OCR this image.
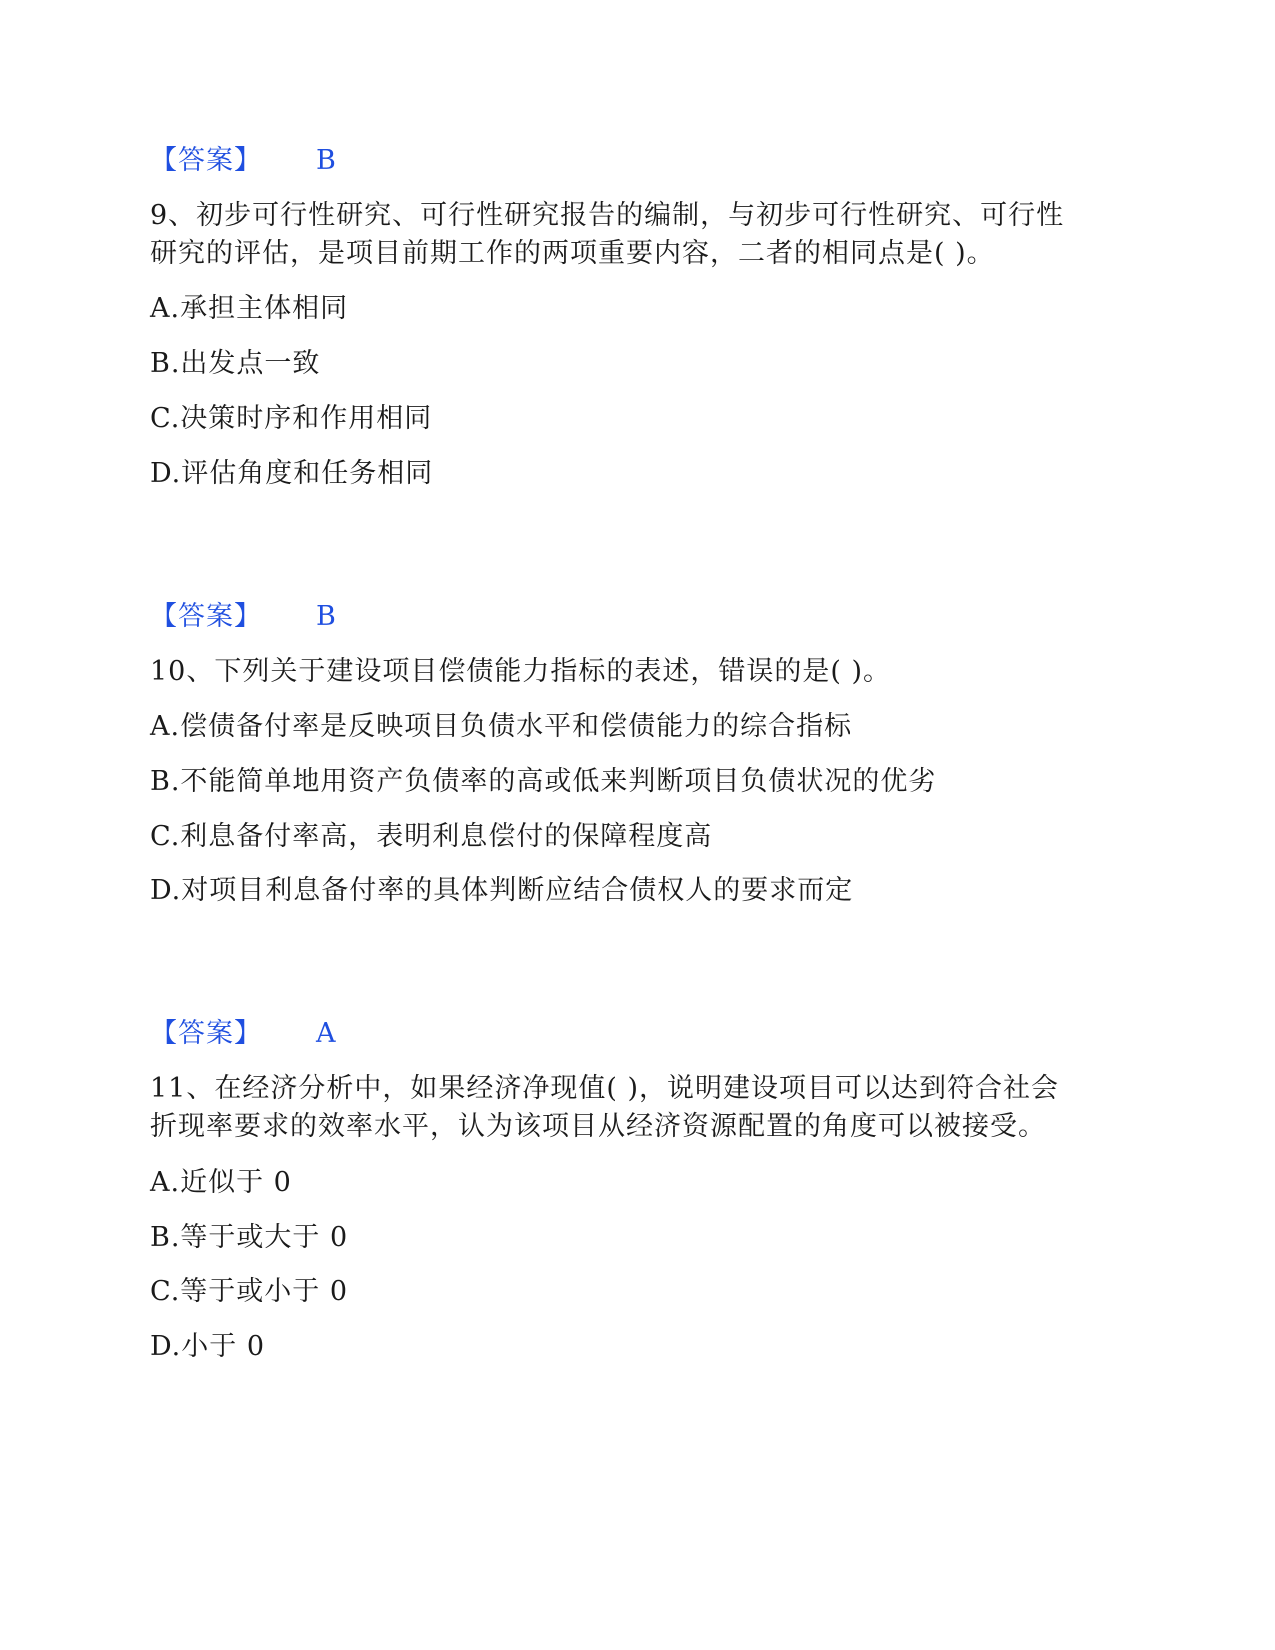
【答案】 B
9、初步可行性研究、可行性研究报告的编制，与初步可行性研究、可行性
研究的评估，是项目前期工作的两项重要内容，二者的相同点是( )。
A.承担主体相同
B.出发点一致
C.决策时序和作用相同
D.评估角度和任务相同
【答案】 B
10、下列关于建设项目偿债能力指标的表述，错误的是( )。
A.偿债备付率是反映项目负债水平和偿债能力的综合指标
B.不能简单地用资产负债率的高或低来判断项目负债状况的优劣
C.利息备付率高，表明利息偿付的保障程度高
D.对项目利息备付率的具体判断应结合债权人的要求而定
【答案】 A
11、在经济分析中，如果经济净现值( )，说明建设项目可以达到符合社会
折现率要求的效率水平，认为该项目从经济资源配置的角度可以被接受。
A.近似于 0
B.等于或大于 0
C.等于或小于 0
D.小于 0
